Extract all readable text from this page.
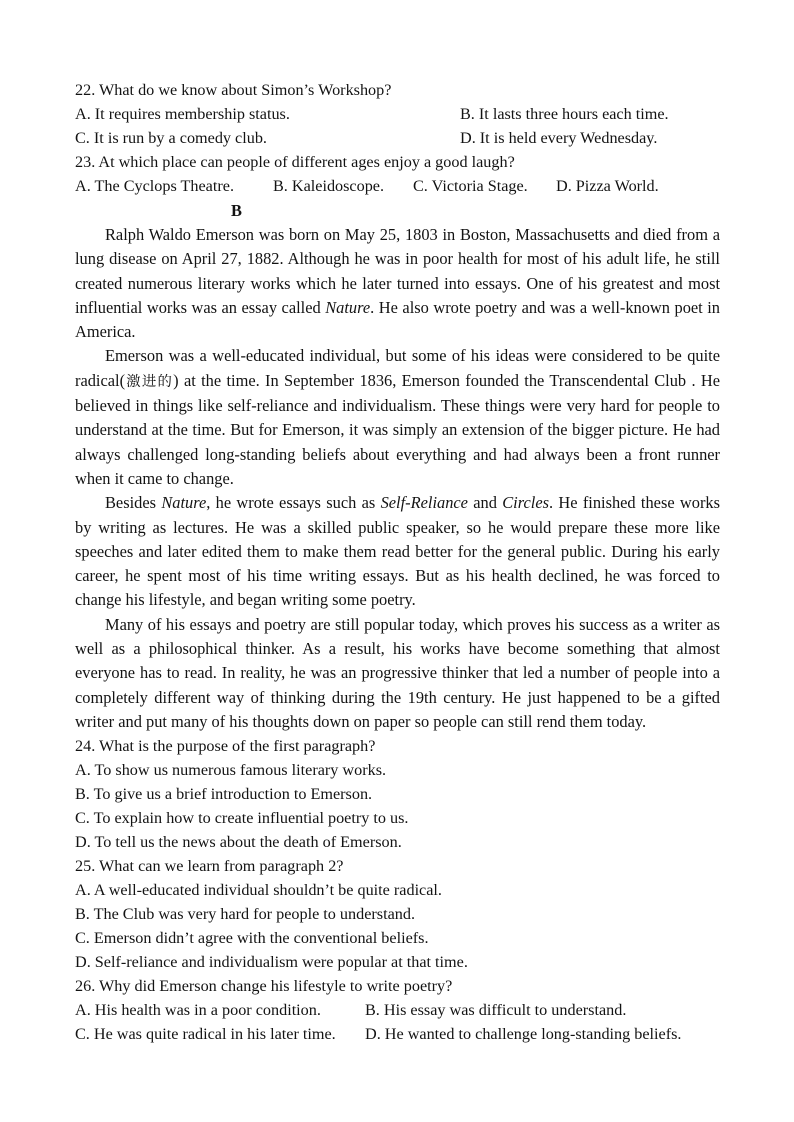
22. What do we know about Simon’s Workshop?
A. It requires membership status.	B. It lasts three hours each time.
C. It is run by a comedy club.	D. It is held every Wednesday.
23. At which place can people of different ages enjoy a good laugh?
A. The Cyclops Theatre.	B. Kaleidoscope.	C. Victoria Stage.	D. Pizza World.
B

Ralph Waldo Emerson was born on May 25, 1803 in Boston, Massachusetts and died from a lung disease on April 27, 1882. Although he was in poor health for most of his adult life, he still created numerous literary works which he later turned into essays. One of his greatest and most influential works was an essay called Nature. He also wrote poetry and was a well-known poet in America.

Emerson was a well-educated individual, but some of his ideas were considered to be quite radical(激进的) at the time. In September 1836, Emerson founded the Transcendental Club . He believed in things like self-reliance and individualism. These things were very hard for people to understand at the time. But for Emerson, it was simply an extension of the bigger picture. He had always challenged long-standing beliefs about everything and had always been a front runner when it came to change.

Besides Nature, he wrote essays such as Self-Reliance and Circles. He finished these works by writing as lectures. He was a skilled public speaker, so he would prepare these more like speeches and later edited them to make them read better for the general public. During his early career, he spent most of his time writing essays. But as his health declined, he was forced to change his lifestyle, and began writing some poetry.

Many of his essays and poetry are still popular today, which proves his success as a writer as well as a philosophical thinker. As a result, his works have become something that almost everyone has to read. In reality, he was an progressive thinker that led a number of people into a completely different way of thinking during the 19th century. He just happened to be a gifted writer and put many of his thoughts down on paper so people can still rend them today.

24. What is the purpose of the first paragraph?
A. To show us numerous famous literary works.
B. To give us a brief introduction to Emerson.
C. To explain how to create influential poetry to us.
D. To tell us the news about the death of Emerson.
25. What can we learn from paragraph 2?
A. A well-educated individual shouldn’t be quite radical.
B. The Club was very hard for people to understand.
C. Emerson didn’t agree with the conventional beliefs.
D. Self-reliance and individualism were popular at that time.
26. Why did Emerson change his lifestyle to write poetry?
A. His health was in a poor condition.	B. His essay was difficult to understand.
C. He was quite radical in his later time.	D. He wanted to challenge long-standing beliefs.
